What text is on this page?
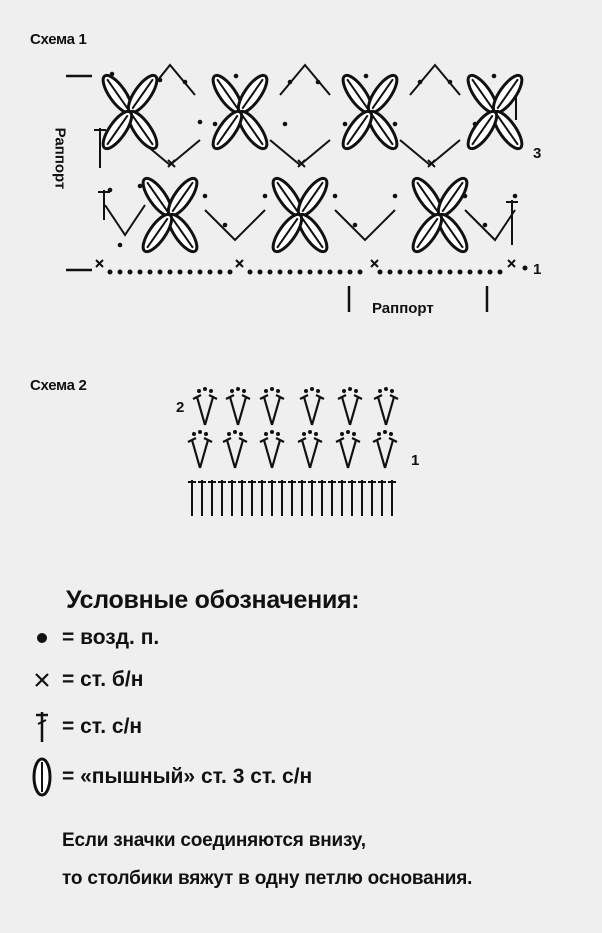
Схема 1
Раппорт	3
1
Раппорт
Схема 2
2
1
Условные обозначения:
= возд. п.
= ст. б/н
= ст. с/н
= «пышный» ст. 3 ст. с/н
Если значки соединяются внизу,
то столбики вяжут в одну петлю основания.
